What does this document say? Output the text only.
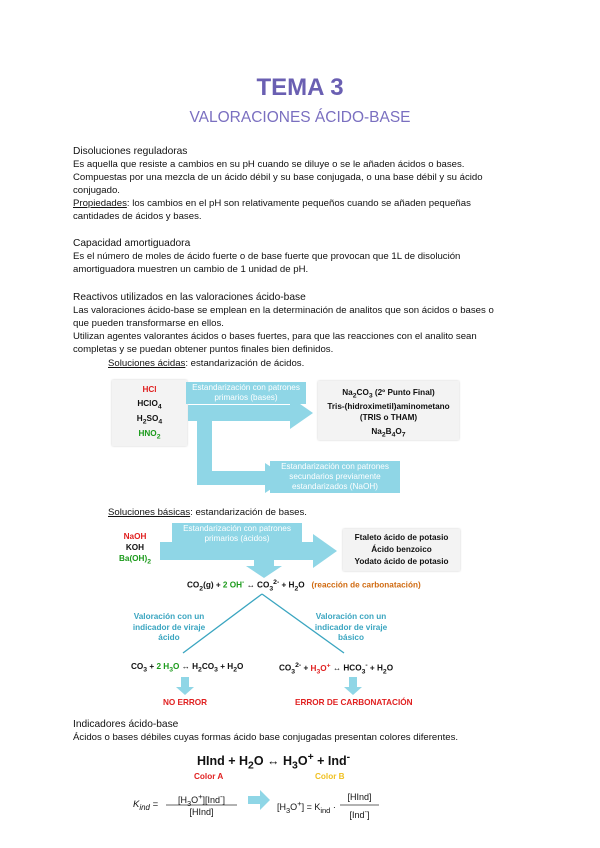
TEMA 3
VALORACIONES ÁCIDO-BASE
Disoluciones reguladoras
Es aquella que resiste a cambios en su pH cuando se diluye o se le añaden ácidos o bases.
Compuestas por una mezcla de un ácido débil y su base conjugada, o una base débil y su ácido
conjugado.
Propiedades: los cambios en el pH son relativamente pequeños cuando se añaden pequeñas
cantidades de ácidos y bases.
Capacidad amortiguadora
Es el número de moles de ácido fuerte o de base fuerte que provocan que 1L de disolución
amortiguadora muestren un cambio de 1 unidad de pH.
Reactivos utilizados en las valoraciones ácido-base
Las valoraciones ácido-base se emplean en la determinación de analitos que son ácidos o bases o
que pueden transformarse en ellos.
Utilizan agentes valorantes ácidos o bases fuertes, para que las reacciones con el analito sean
completas y se puedan obtener puntos finales bien definidos.
Soluciones ácidas: estandarización de ácidos.
HCl
HClO$_4$
$H_2SO_4$
$HNO_2$
Estandarización con patrones primarios (bases)
$Na_2CO_3$ (2º Punto Final)
Tris-(hidroximetil)aminometano
(TRIS o THAM)
$Na_2B_4O_7$
Estandarización con patrones secundarios previamente estandarizados (NaOH)
Soluciones básicas: estandarización de bases.
NaOH
KOH
$Ba(OH)_2$
Estandarización con patrones primarios (ácidos)	Ftaleto ácido de potasio
Ácido benzoico
Yodato ácido de potasio
$CO_2(g) + 2$ OH- ↔ $CO_3^{2-} + H_2O$ (reacción de carbonatación)
Valoración con un indicador de viraje ácido
Valoración con un indicador de viraje básico
$CO_3 + 2$ $H_3O$ ↔ $H_2CO_3 + H_2O$	$CO_3^{2-} + H_3O^+$ ↔ $HCO_3^- + H_2O$
NO ERROR	ERROR DE CARBONATACIÓN
Indicadores ácido-base
Ácidos o bases débiles cuyas formas ácido base conjugadas presentan colores diferentes.
HInd + $H_2O$ ↔ $H_3O^+ + Ind^-$
Color A	Color B
$K_{ind}$ =	$[H_3O^+][Ind^-]$
[HInd]	$[H_3O^+] = K_{ind}$ ·
[HInd]
[Ind-]
